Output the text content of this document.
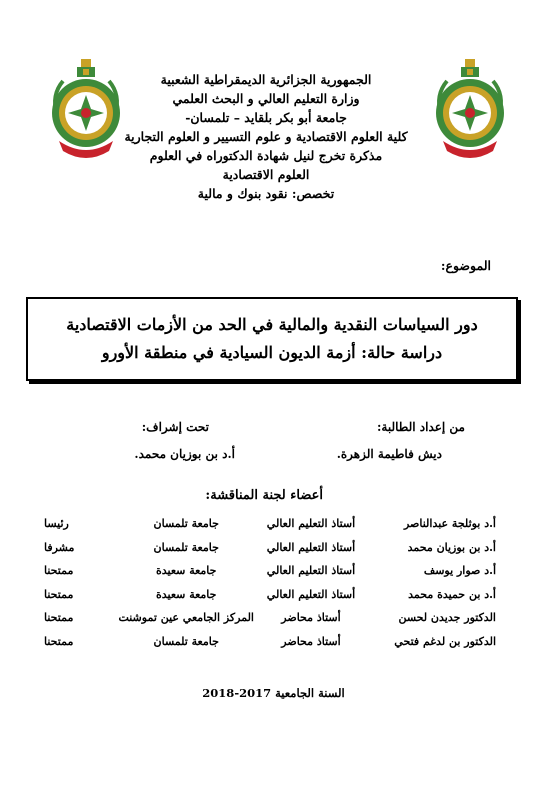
الجمهورية الجزائرية الديمقراطية الشعبية
وزارة التعليم العالي و البحث العلمي
جامعة أبو بكر بلقايد – تلمسان-
كلية العلوم الاقتصادية و علوم التسيير و العلوم التجارية
مذكرة تخرج لنيل شهادة الدكتوراه في العلوم
العلوم الاقتصادية
تخصص: نقود بنوك و مالية
الموضوع:
دور السياسات النقدية والمالية في الحد من الأزمات الاقتصادية
دراسة حالة: أزمة الديون السيادية في منطقة الأورو
من إعداد الطالبة:
تحت إشراف:
ديش فاطيمة الزهرة.
أ.د بن بوزيان محمد.
أعضاء لجنة المناقشة:
أ.د بوثلجة عبدالناصر	أستاذ التعليم العالي	جامعة تلمسان	رئيسا
أ.د بن بوزيان محمد	أستاذ التعليم العالي	جامعة تلمسان	مشرفا
أ.د صوار يوسف	أستاذ التعليم العالي	جامعة سعيدة	ممتحنا
أ.د بن حميدة محمد	أستاذ التعليم العالي	جامعة سعيدة	ممتحنا
الدكتور جديدن لحسن	أستاذ محاضر	المركز الجامعي عين تموشنت	ممتحنا
الدكتور بن لدغم فتحي	أستاذ محاضر	جامعة تلمسان	ممتحنا
السنة الجامعية 2017-2018
